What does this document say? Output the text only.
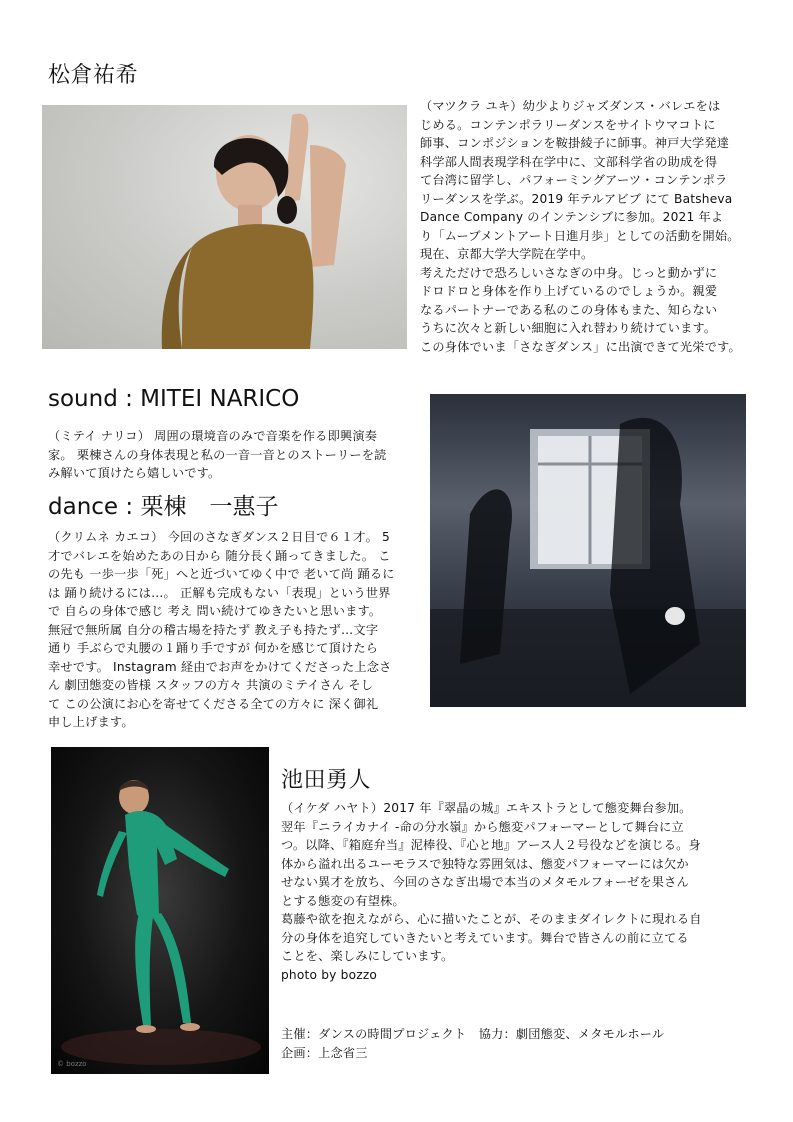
松倉祐希

（マツクラ ユキ）幼少よりジャズダンス・バレエをは

じめる。コンテンポラリーダンスをサイトウマコトに

師事、コンポジションを鞍掛綾子に師事。神戸大学発達

科学部人間表現学科在学中に、文部科学省の助成を得

て台湾に留学し、パフォーミングアーツ・コンテンポラ

リーダンスを学ぶ。2019 年テルアビブ にて Batsheva

Dance Company のインテンシブに参加。2021 年よ

り「ムーブメントアート日進月歩」としての活動を開始。

現在、京都大学大学院在学中。

考えただけで恐ろしいさなぎの中身。じっと動かずに

ドロドロと身体を作り上げているのでしょうか。親愛

なるパートナーである私のこの身体もまた、知らない

うちに次々と新しい細胞に入れ替わり続けています。

この身体でいま「さなぎダンス」に出演できて光栄です。

sound : MITEI NARICO

（ミテイ ナリコ） 周囲の環境音のみで音楽を作る即興演奏

家。 栗棟さんの身体表現と私の一音一音とのストーリーを読

み解いて頂けたら嬉しいです。

dance : 栗棟　一惠子

（クリムネ カエコ） 今回のさなぎダンス２日目で６１才。 5

才でバレエを始めたあの日から 随分長く踊ってきました。 こ

の先も 一歩一歩「死」へと近づいてゆく中で 老いて尚 踊るに

は 踊り続けるには…。 正解も完成もない「表現」という世界

で 自らの身体で感じ 考え 問い続けてゆきたいと思います。

無冠で無所属 自分の稽古場を持たず 教え子も持たず…文字

通り 手ぶらで丸腰の１踊り手ですが 何かを感じて頂けたら

幸せです。 Instagram 経由でお声をかけてくださった上念さ

ん 劇団態変の皆様 スタッフの方々 共演のミテイさん そし

て この公演にお心を寄せてくださる全ての方々に 深く御礼

申し上げます。

© bozzo
池田勇人

（イケダ ハヤト）2017 年『翠晶の城』エキストラとして態変舞台参加。

翌年『ニライカナイ -命の分水嶺』から態変パフォーマーとして舞台に立

つ。以降、『箱庭弁当』泥棒役、『心と地』アース人２号役などを演じる。身

体から溢れ出るユーモラスで独特な雰囲気は、態変パフォーマーには欠か

せない異才を放ち、今回のさなぎ出場で本当のメタモルフォーゼを果さん

とする態変の有望株。

葛藤や欲を抱えながら、心に描いたことが、そのままダイレクトに現れる自

分の身体を追究していきたいと考えています。舞台で皆さんの前に立てる

ことを、楽しみにしています。

photo by bozzo

主催：ダンスの時間プロジェクト　協力：劇団態変、メタモルホール

企画：上念省三
